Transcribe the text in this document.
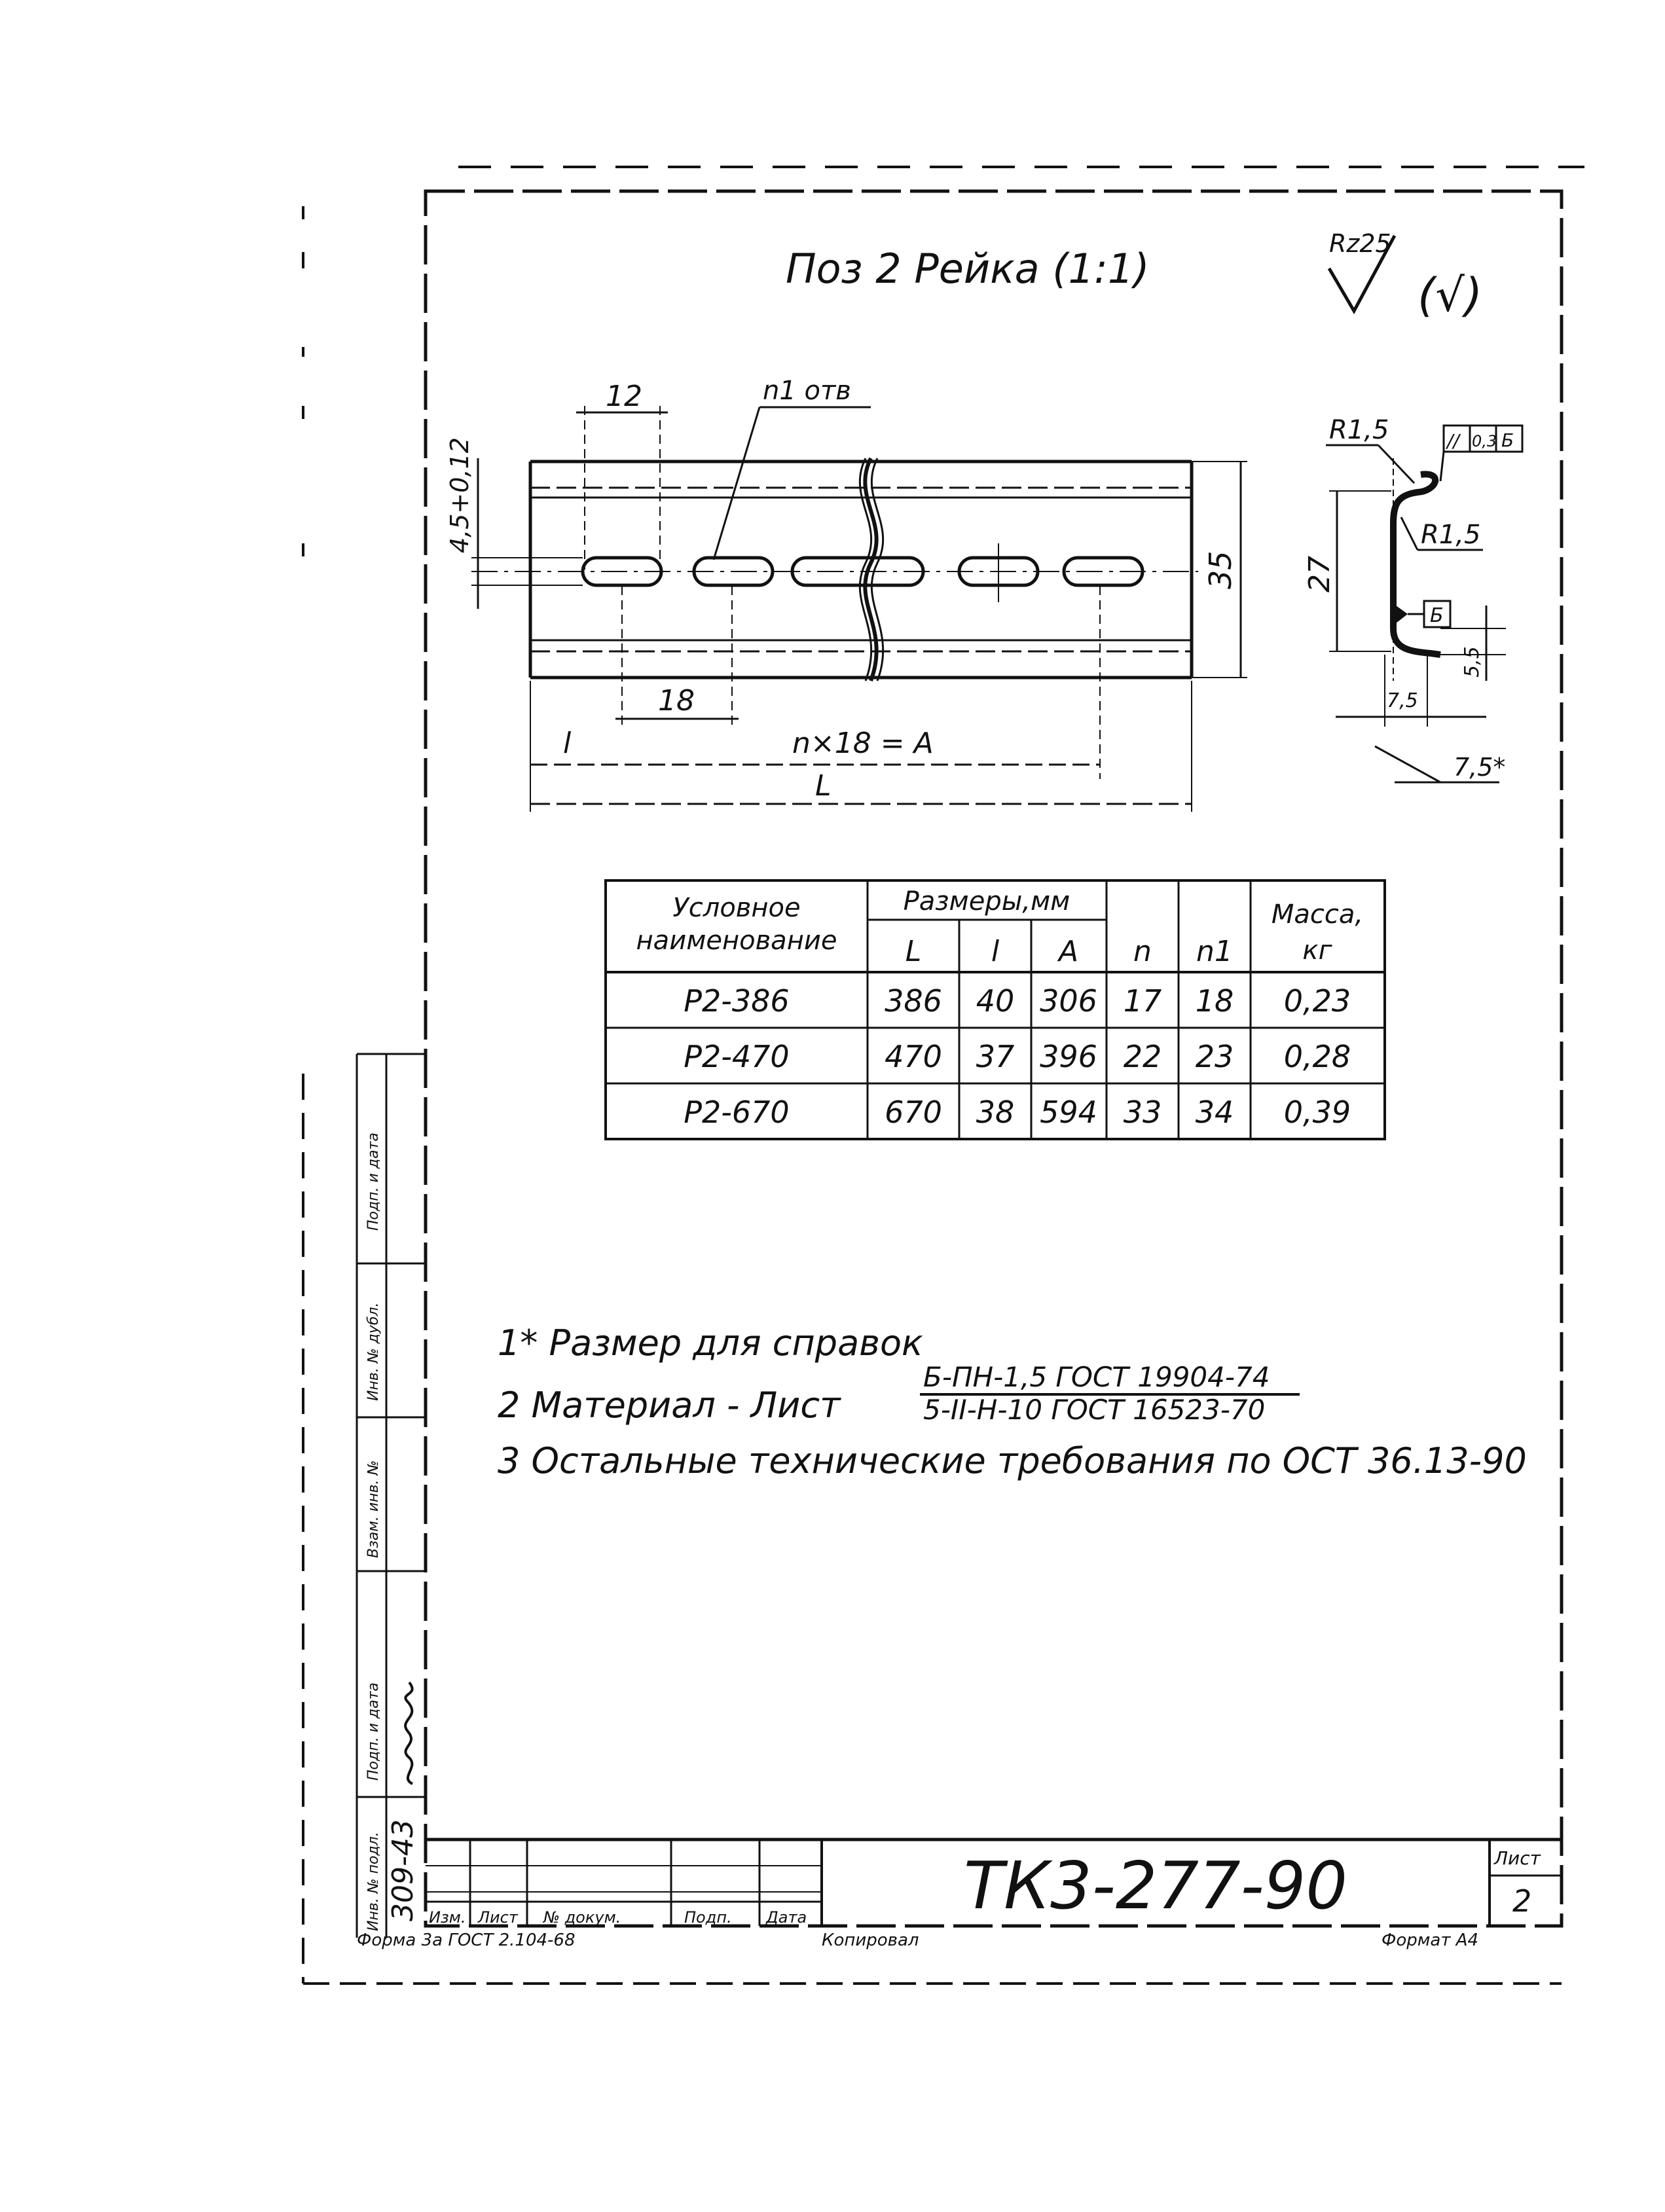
Поз 2 Рейка (1:1)
Rz25
(√)
12	n1 отв
4,5+0,12
35
18
l	n×18 = A
L
R1,5	// 0,3 Б
R1,5
27
Б
5,5
7,5
7,5*
Условное наименование
Размеры,мм
L l A n n1
Масса, кг
Р2-386	386 40 306 17 18 0,23
Р2-470	470 37 396 22 23 0,28
Р2-670	670 38 594 33 34 0,39
1* Размер для справок
2 Материал - Лист
Б-ПН-1,5 ГОСТ 19904-74
5-II-Н-10 ГОСТ 16523-70
3 Остальные технические требования по ОСТ 36.13-90
Подп. и дата
Инв. № дубл.
Взам. инв. №
Подп. и дата
Инв. № подл. 309-43 Изм. Лист № докум.	Подп. Дата ТК3-277-90	Лист
2
Форма 3а ГОСТ 2.104-68	Копировал	Формат А4
